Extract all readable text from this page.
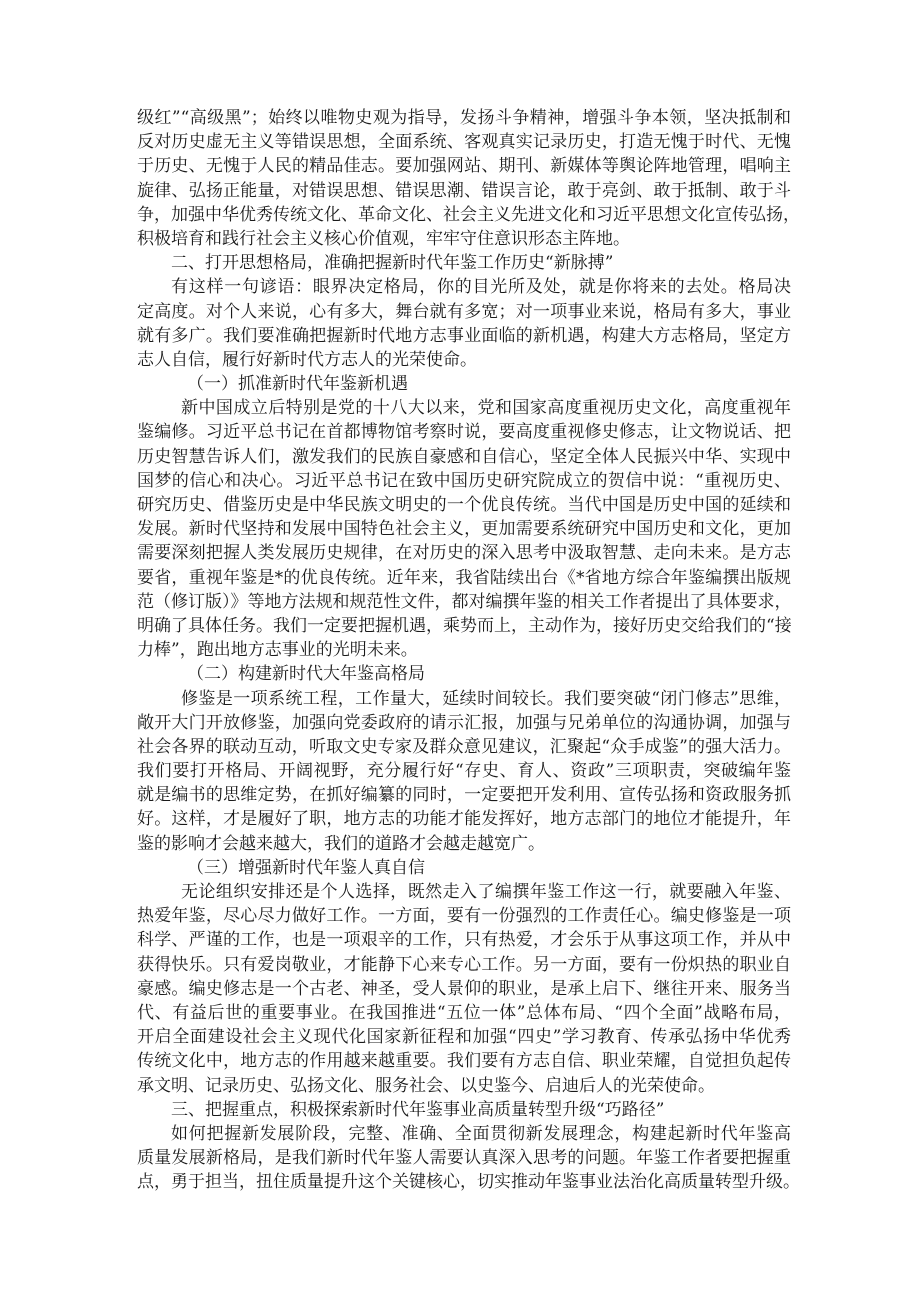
级红”“高级黑”；始终以唯物史观为指导，发扬斗争精神，增强斗争本领，坚决抵制和
反对历史虚无主义等错误思想，全面系统、客观真实记录历史，打造无愧于时代、无愧
于历史、无愧于人民的精品佳志。要加强网站、期刊、新媒体等舆论阵地管理，唱响主
旋律、弘扬正能量，对错误思想、错误思潮、错误言论，敢于亮剑、敢于抵制、敢于斗
争，加强中华优秀传统文化、革命文化、社会主义先进文化和习近平思想文化宣传弘扬，
积极培育和践行社会主义核心价值观，牢牢守住意识形态主阵地。
二、打开思想格局，准确把握新时代年鉴工作历史“新脉搏”
有这样一句谚语：眼界决定格局，你的目光所及处，就是你将来的去处。格局决
定高度。对个人来说，心有多大，舞台就有多宽；对一项事业来说，格局有多大，事业
就有多广。我们要准确把握新时代地方志事业面临的新机遇，构建大方志格局，坚定方
志人自信，履行好新时代方志人的光荣使命。
（一）抓准新时代年鉴新机遇
新中国成立后特别是党的十八大以来，党和国家高度重视历史文化，高度重视年
鉴编修。习近平总书记在首都博物馆考察时说，要高度重视修史修志，让文物说话、把
历史智慧告诉人们，激发我们的民族自豪感和自信心，坚定全体人民振兴中华、实现中
国梦的信心和决心。习近平总书记在致中国历史研究院成立的贺信中说：“重视历史、
研究历史、借鉴历史是中华民族文明史的一个优良传统。当代中国是历史中国的延续和
发展。新时代坚持和发展中国特色社会主义，更加需要系统研究中国历史和文化，更加
需要深刻把握人类发展历史规律，在对历史的深入思考中汲取智慧、走向未来。是方志
要省，重视年鉴是*的优良传统。近年来，我省陆续出台《*省地方综合年鉴编撰出版规
范（修订版）》等地方法规和规范性文件，都对编撰年鉴的相关工作者提出了具体要求，
明确了具体任务。我们一定要把握机遇，乘势而上，主动作为，接好历史交给我们的“接
力棒”，跑出地方志事业的光明未来。
（二）构建新时代大年鉴高格局
修鉴是一项系统工程，工作量大，延续时间较长。我们要突破“闭门修志”思维，
敞开大门开放修鉴，加强向党委政府的请示汇报，加强与兄弟单位的沟通协调，加强与
社会各界的联动互动，听取文史专家及群众意见建议，汇聚起“众手成鉴”的强大活力。
我们要打开格局、开阔视野，充分履行好“存史、育人、资政”三项职责，突破编年鉴
就是编书的思维定势，在抓好编纂的同时，一定要把开发利用、宣传弘扬和资政服务抓
好。这样，才是履好了职，地方志的功能才能发挥好，地方志部门的地位才能提升，年
鉴的影响才会越来越大，我们的道路才会越走越宽广。
（三）增强新时代年鉴人真自信
无论组织安排还是个人选择，既然走入了编撰年鉴工作这一行，就要融入年鉴、
热爱年鉴，尽心尽力做好工作。一方面，要有一份强烈的工作责任心。编史修鉴是一项
科学、严谨的工作，也是一项艰辛的工作，只有热爱，才会乐于从事这项工作，并从中
获得快乐。只有爱岗敬业，才能静下心来专心工作。另一方面，要有一份炽热的职业自
豪感。编史修志是一个古老、神圣，受人景仰的职业，是承上启下、继往开来、服务当
代、有益后世的重要事业。在我国推进“五位一体”总体布局、“四个全面”战略布局，
开启全面建设社会主义现代化国家新征程和加强“四史”学习教育、传承弘扬中华优秀
传统文化中，地方志的作用越来越重要。我们要有方志自信、职业荣耀，自觉担负起传
承文明、记录历史、弘扬文化、服务社会、以史鉴今、启迪后人的光荣使命。
三、把握重点，积极探索新时代年鉴事业高质量转型升级“巧路径”
如何把握新发展阶段，完整、准确、全面贯彻新发展理念，构建起新时代年鉴高
质量发展新格局，是我们新时代年鉴人需要认真深入思考的问题。年鉴工作者要把握重
点，勇于担当，扭住质量提升这个关键核心，切实推动年鉴事业法治化高质量转型升级。
